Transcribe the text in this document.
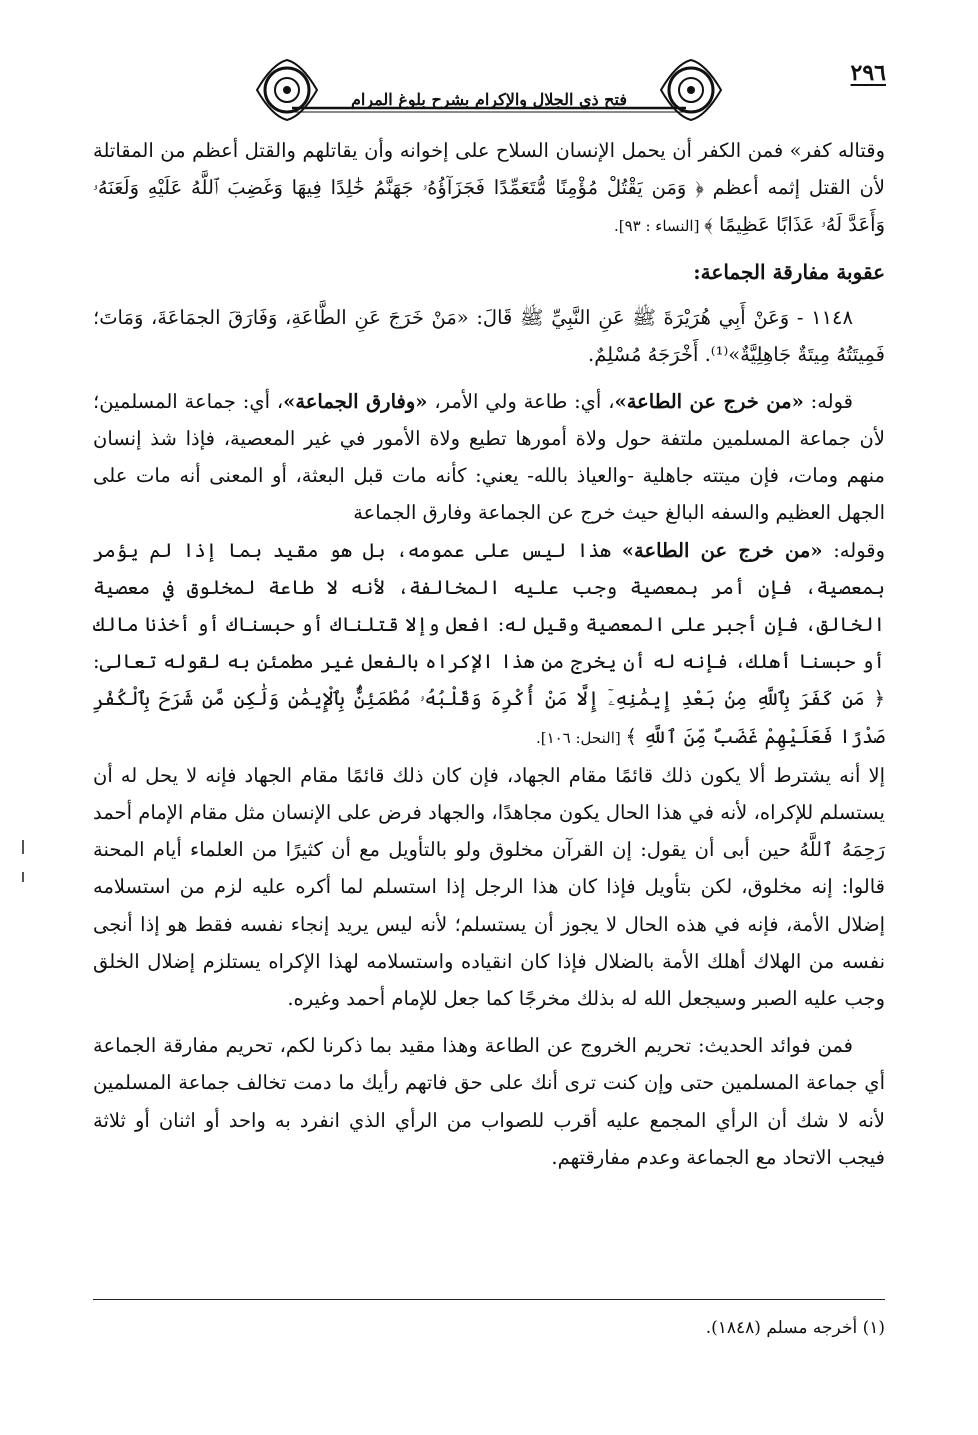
٢٩٦
فتح ذي الجلال والإكرام بشرح بلوغ المرام

وقتاله كفر» فمن الكفر أن يحمل الإنسان السلاح على إخوانه وأن يقاتلهم والقتل أعظم من المقاتلة لأن القتل إثمه أعظم ﴿ وَمَن يَقْتُلْ مُؤْمِنًا مُّتَعَمِّدًا فَجَزَآؤُهُۥ جَهَنَّمُ خَٰلِدًا فِيهَا وَغَضِبَ ٱللَّهُ عَلَيْهِ وَلَعَنَهُۥ وَأَعَدَّ لَهُۥ عَذَابًا عَظِيمًا ﴾ [النساء : ٩٣].

عقوبة مفارقة الجماعة:

١١٤٨ - وَعَنْ أَبِي هُرَيْرَةَ ﷺ عَنِ النَّبِيِّ ﷺ قَالَ: «مَنْ خَرَجَ عَنِ الطَّاعَةِ، وَفَارَقَ الجمَاعَةَ، وَمَاتَ؛ فَمِيتَتُهُ مِيتَةٌ جَاهِلِيَّةٌ»⁽¹⁾. أَخْرَجَهُ مُسْلِمٌ.

قوله: «من خرج عن الطاعة»، أي: طاعة ولي الأمر، «وفارق الجماعة»، أي: جماعة المسلمين؛ لأن جماعة المسلمين ملتفة حول ولاة أمورها تطيع ولاة الأمور في غير المعصية، فإذا شذ إنسان منهم ومات، فإن ميتته جاهلية -والعياذ بالله- يعني: كأنه مات قبل البعثة، أو المعنى أنه مات على الجهل العظيم والسفه البالغ حيث خرج عن الجماعة وفارق الجماعة

وقوله: «من خرج عن الطاعة» هذا ليس على عمومه، بل هو مقيد بما إذا لم يؤمر بمعصية، فإن أمر بمعصية وجب عليه المخالفة، لأنه لا طاعة لمخلوق في معصية الخالق، فإن أجبر على المعصية وقيل له: افعل وإلا قتلناك أو حبسناك أو أخذنا مالك أو حبسنا أهلك، فإنه له أن يخرج من هذا الإكراه بالفعل غير مطمئن به لقوله تعالى: ﴿ مَن كَفَرَ بِٱللَّهِ مِنۢ بَعْدِ إِيمَٰنِهِۦٓ إِلَّا مَنْ أُكْرِهَ وَقَلْبُهُۥ مُطْمَئِنٌّۢ بِٱلْإِيمَٰنِ وَلَٰكِن مَّن شَرَحَ بِٱلْكُفْرِ صَدْرًا فَعَلَيْهِمْ غَضَبٌ مِّنَ ٱللَّهِ ﴾ [النحل: ١٠٦].

إلا أنه يشترط ألا يكون ذلك قائمًا مقام الجهاد، فإن كان ذلك قائمًا مقام الجهاد فإنه لا يحل له أن يستسلم للإكراه، لأنه في هذا الحال يكون مجاهدًا، والجهاد فرض على الإنسان مثل مقام الإمام أحمد رَحِمَهُ ٱللَّهُ حين أبى أن يقول: إن القرآن مخلوق ولو بالتأويل مع أن كثيرًا من العلماء أيام المحنة قالوا: إنه مخلوق، لكن بتأويل فإذا كان هذا الرجل إذا استسلم لما أكره عليه لزم من استسلامه إضلال الأمة، فإنه في هذه الحال لا يجوز أن يستسلم؛ لأنه ليس يريد إنجاء نفسه فقط هو إذا أنجى نفسه من الهلاك أهلك الأمة بالضلال فإذا كان انقياده واستسلامه لهذا الإكراه يستلزم إضلال الخلق وجب عليه الصبر وسيجعل الله له بذلك مخرجًا كما جعل للإمام أحمد وغيره.

فمن فوائد الحديث: تحريم الخروج عن الطاعة وهذا مقيد بما ذكرنا لكم، تحريم مفارقة الجماعة أي جماعة المسلمين حتى وإن كنت ترى أنك على حق فاتهم رأيك ما دمت تخالف جماعة المسلمين لأنه لا شك أن الرأي المجمع عليه أقرب للصواب من الرأي الذي انفرد به واحد أو اثنان أو ثلاثة فيجب الاتحاد مع الجماعة وعدم مفارقتهم.

(١) أخرجه مسلم (١٨٤٨).
